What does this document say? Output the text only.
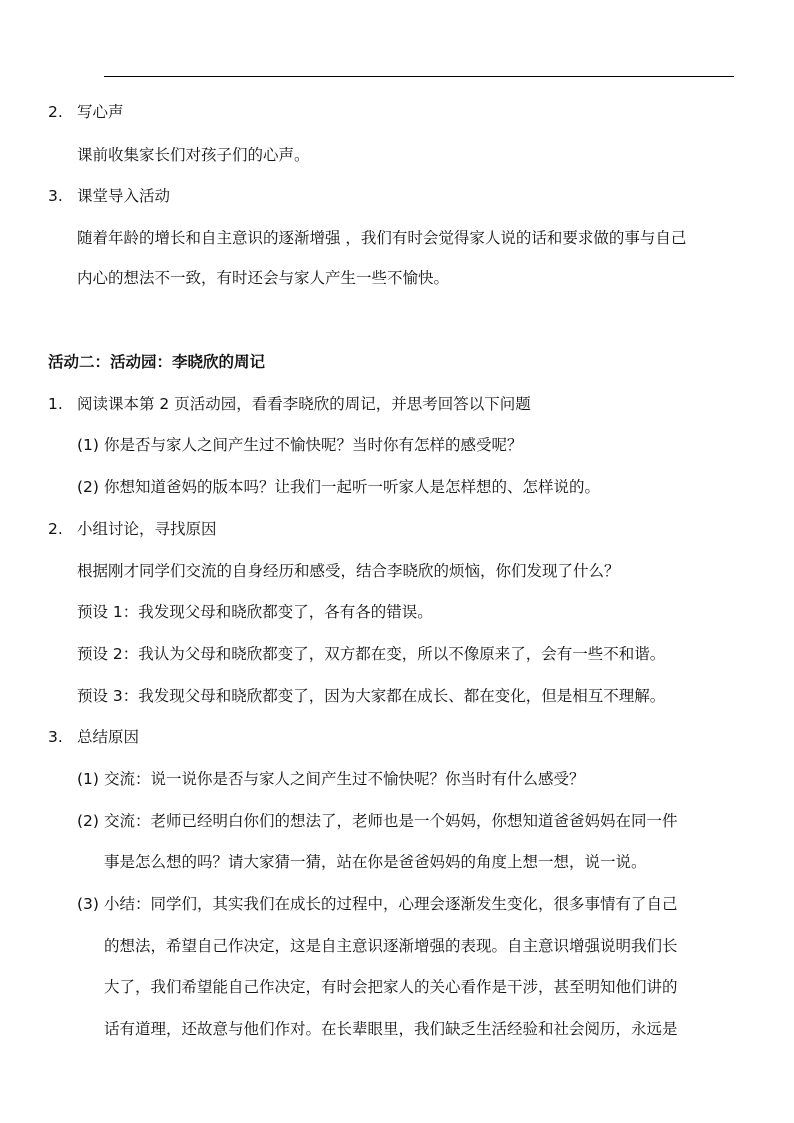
2. 写心声
课前收集家长们对孩子们的心声。
3. 课堂导入活动
随着年龄的增长和自主意识的逐渐增强 ，我们有时会觉得家人说的话和要求做的事与自己
内心的想法不一致，有时还会与家人产生一些不愉快。
活动二：活动园：李晓欣的周记
1. 阅读课本第 2 页活动园，看看李晓欣的周记，并思考回答以下问题
(1) 你是否与家人之间产生过不愉快呢？当时你有怎样的感受呢？
(2) 你想知道爸妈的版本吗？让我们一起听一听家人是怎样想的、怎样说的。
2. 小组讨论，寻找原因
根据刚才同学们交流的自身经历和感受，结合李晓欣的烦恼，你们发现了什么？
预设 1：我发现父母和晓欣都变了，各有各的错误。
预设 2：我认为父母和晓欣都变了，双方都在变，所以不像原来了，会有一些不和谐。
预设 3：我发现父母和晓欣都变了，因为大家都在成长、都在变化，但是相互不理解。
3. 总结原因
(1) 交流：说一说你是否与家人之间产生过不愉快呢？你当时有什么感受？
(2) 交流：老师已经明白你们的想法了，老师也是一个妈妈，你想知道爸爸妈妈在同一件
事是怎么想的吗？请大家猜一猜，站在你是爸爸妈妈的角度上想一想，说一说。
(3) 小结：同学们，其实我们在成长的过程中，心理会逐渐发生变化，很多事情有了自己
的想法，希望自己作决定，这是自主意识逐渐增强的表现。自主意识增强说明我们长
大了，我们希望能自己作决定，有时会把家人的关心看作是干涉，甚至明知他们讲的
话有道理，还故意与他们作对。在长辈眼里，我们缺乏生活经验和社会阅历，永远是
